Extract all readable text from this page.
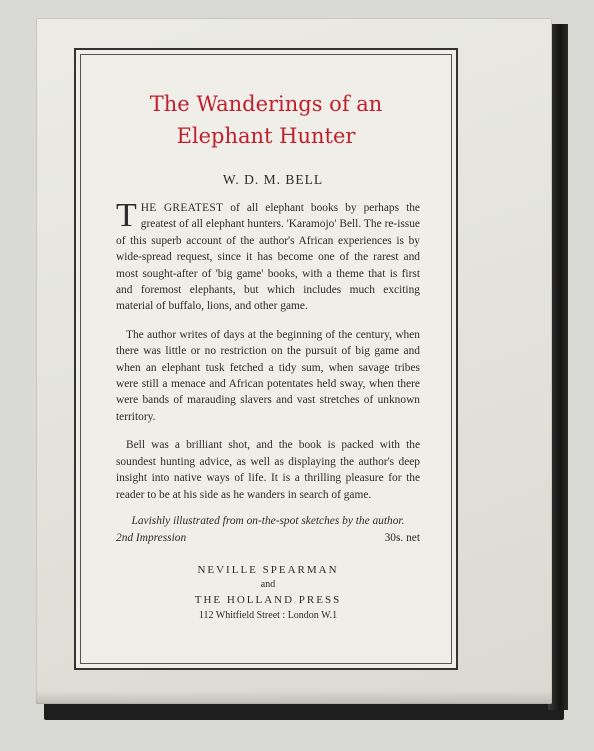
The Wanderings of an
Elephant Hunter
W. D. M. BELL

THE GREATEST of all elephant books by perhaps the greatest of all elephant hunters. 'Karamojo' Bell. The re-issue of this superb account of the author's African experiences is by wide-spread request, since it has become one of the rarest and most sought-after of 'big game' books, with a theme that is first and foremost elephants, but which includes much exciting material of buffalo, lions, and other game.

The author writes of days at the beginning of the century, when there was little or no restriction on the pursuit of big game and when an elephant tusk fetched a tidy sum, when savage tribes were still a menace and African potentates held sway, when there were bands of marauding slavers and vast stretches of unknown territory.

Bell was a brilliant shot, and the book is packed with the soundest hunting advice, as well as displaying the author's deep insight into native ways of life. It is a thrilling pleasure for the reader to be at his side as he wanders in search of game.

Lavishly illustrated from on-the-spot sketches by the author.
2nd Impression	30s. net
NEVILLE SPEARMAN
and
THE HOLLAND PRESS
112 Whitfield Street : London W.1
